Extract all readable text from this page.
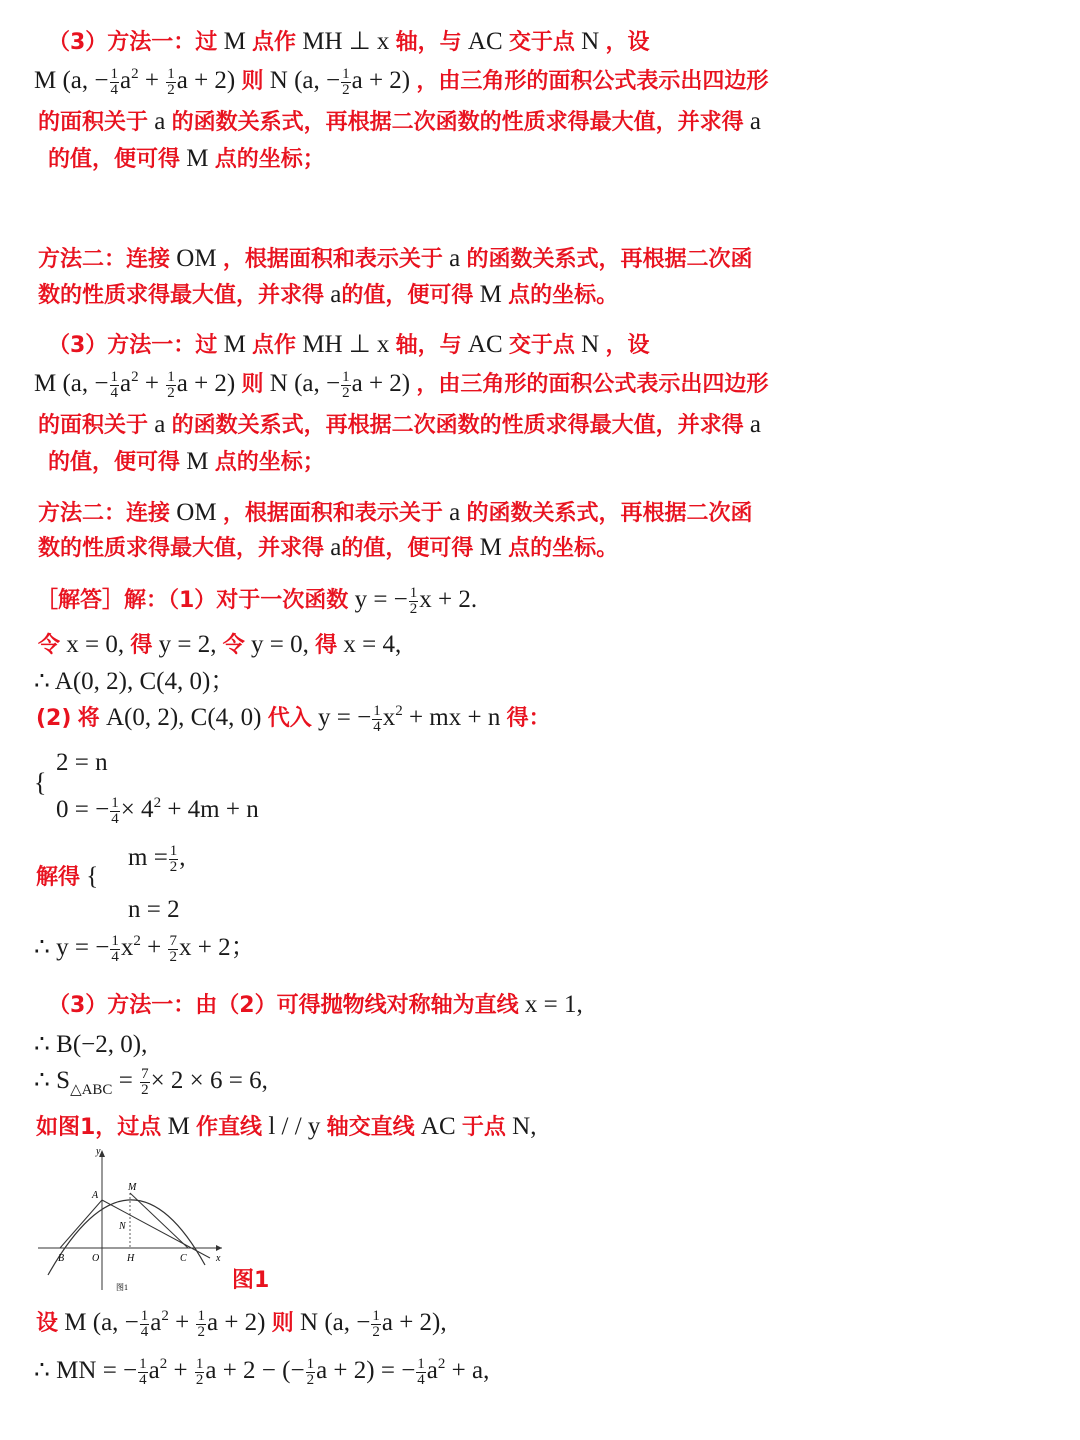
（3）方法一：过 M 点作 MH ⊥ x 轴，与 AC 交于点 N ，设
M (a, − $\frac{1}{4} a^2 + \frac{1}{2}$ a + 2) 则 N (a, − $\frac{1}{2}$ a + 2) ，由三角形的面积公式表示出四边形
的面积关于 a 的函数关系式，再根据二次函数的性质求得最大值，并求得 a
的值，便可得 M 点的坐标；
方法二：连接 OM ，根据面积和表示关于 a 的函数关系式，再根据二次函
数的性质求得最大值，并求得 a的值，便可得 M 点的坐标。
（3）方法一：过 M 点作 MH ⊥ x 轴，与 AC 交于点 N ，设
M (a, − $\frac{1}{4} a^2 + \frac{1}{2}$ a + 2) 则 N (a, − $\frac{1}{2}$ a + 2) ，由三角形的面积公式表示出四边形
的面积关于 a 的函数关系式，再根据二次函数的性质求得最大值，并求得 a
的值，便可得 M 点的坐标；
方法二：连接 OM ，根据面积和表示关于 a 的函数关系式，再根据二次函
数的性质求得最大值，并求得 a的值，便可得 M 点的坐标。
［解答］解：（1）对于一次函数 y = − $\frac{1}{2}$ x + 2.
令 x = 0, 得 y = 2, 令 y = 0, 得 x = 4,
∴ A(0, 2), C(4, 0)；
(2) 将 A(0, 2), C(4, 0) 代入 y = − $\frac{1}{4} x^2$ + mx + n 得：
{
2 = n
0 = − $\frac{1}{4} \times 4^2 + 4m + n$
解得 {
$m = \frac{1}{2}$ ,
n = 2
∴ y = − $\frac{1}{4} x^2 + \frac{7}{2}$ x + 2；
（3）方法一：由（2）可得抛物线对称轴为直线 x = 1,
∴ B(−2, 0),
∴ $S_{\triangle ABC} = \frac{7}{2} \times 2 \times 6 = 6$,
如图1，过点 M 作直线 l / / y 轴交直线 AC 于点 N,
y
x
A
M
N
B	O	H	C
图1	图1
设 M (a, − $\frac{1}{4} a^2 + \frac{1}{2}$ a + 2) 则 N (a, − $\frac{1}{2}$ a + 2),
∴ MN = − $\frac{1}{4} a^2 + \frac{1}{2}$ a + 2 − (− $\frac{1}{2}$ a + 2) = − $\frac{1}{4} a^2 + a$,
